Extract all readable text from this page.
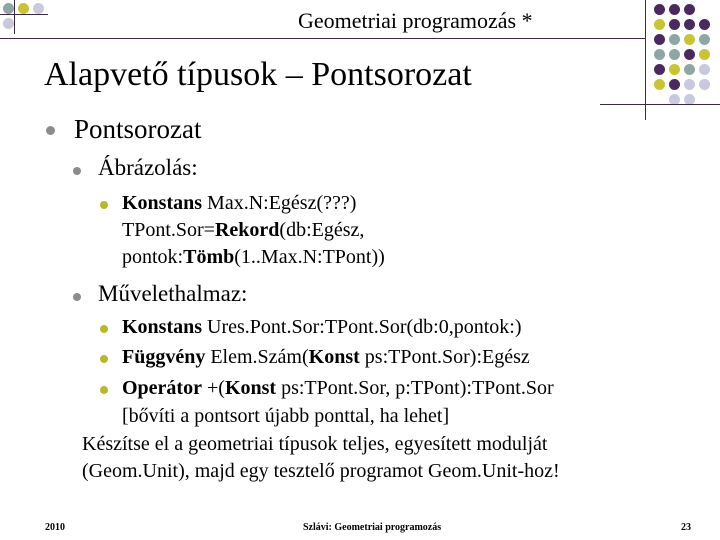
Geometriai programozás *
Alapvető típusok – Pontsorozat
Pontsorozat
Ábrázolás:
Konstans Max.N:Egész(???)
TPont.Sor=Rekord(db:Egész,
pontok:Tömb(1..Max.N:TPont))
Művelethalmaz:
Konstans Ures.Pont.Sor:TPont.Sor(db:0,pontok:)
Függvény Elem.Szám(Konst ps:TPont.Sor):Egész
Operátor +(Konst ps:TPont.Sor, p:TPont):TPont.Sor
[bővíti a pontsort újabb ponttal, ha lehet]
Készítse el a geometriai típusok teljes, egyesített modulját
(Geom.Unit), majd egy tesztelő programot Geom.Unit-hoz!
2010	Szlávi: Geometriai programozás	23
